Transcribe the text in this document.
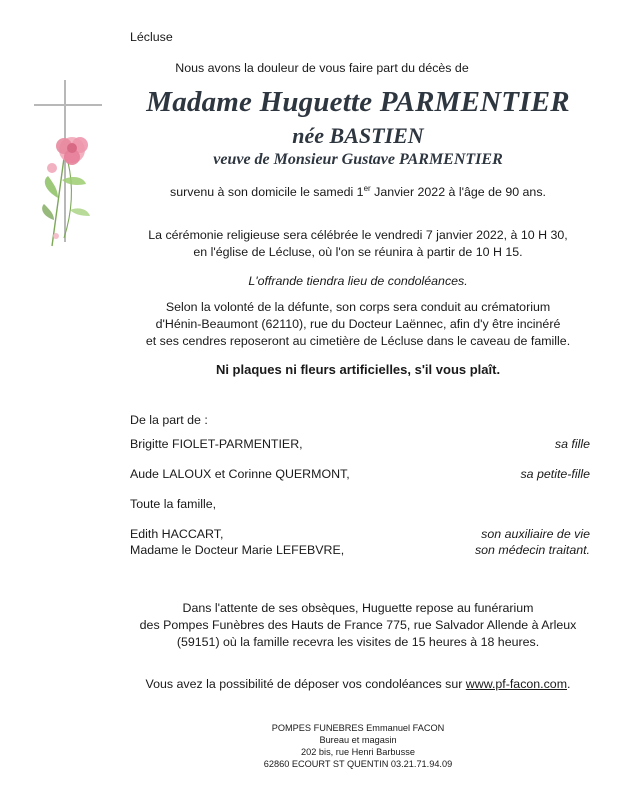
Lécluse
Nous avons la douleur de vous faire part du décès de
Madame Huguette PARMENTIER
née BASTIEN
veuve de Monsieur Gustave PARMENTIER
survenu à son domicile le samedi 1er Janvier 2022 à l'âge de 90 ans.
La cérémonie religieuse sera célébrée le vendredi 7 janvier 2022, à 10 H 30,
en l'église de Lécluse, où l'on se réunira à partir de 10 H 15.
L'offrande tiendra lieu de condoléances.
Selon la volonté de la défunte, son corps sera conduit au crématorium
d'Hénin-Beaumont (62110), rue du Docteur Laënnec, afin d'y être incinéré
et ses cendres reposeront au cimetière de Lécluse dans le caveau de famille.
Ni plaques ni fleurs artificielles, s'il vous plaît.
De la part de :
Brigitte FIOLET-PARMENTIER,	sa fille
Aude LALOUX et Corinne QUERMONT,	sa petite-fille
Toute la famille,
Edith HACCART,	son auxiliaire de vie
Madame le Docteur Marie LEFEBVRE,	son médecin traitant.
Dans l'attente de ses obsèques, Huguette repose au funérarium
des Pompes Funèbres des Hauts de France 775, rue Salvador Allende à Arleux
(59151) où la famille recevra les visites de 15 heures à 18 heures.
Vous avez la possibilité de déposer vos condoléances sur www.pf-facon.com.
POMPES FUNEBRES Emmanuel FACON
Bureau et magasin
202 bis, rue Henri Barbusse
62860 ECOURT ST QUENTIN 03.21.71.94.09
